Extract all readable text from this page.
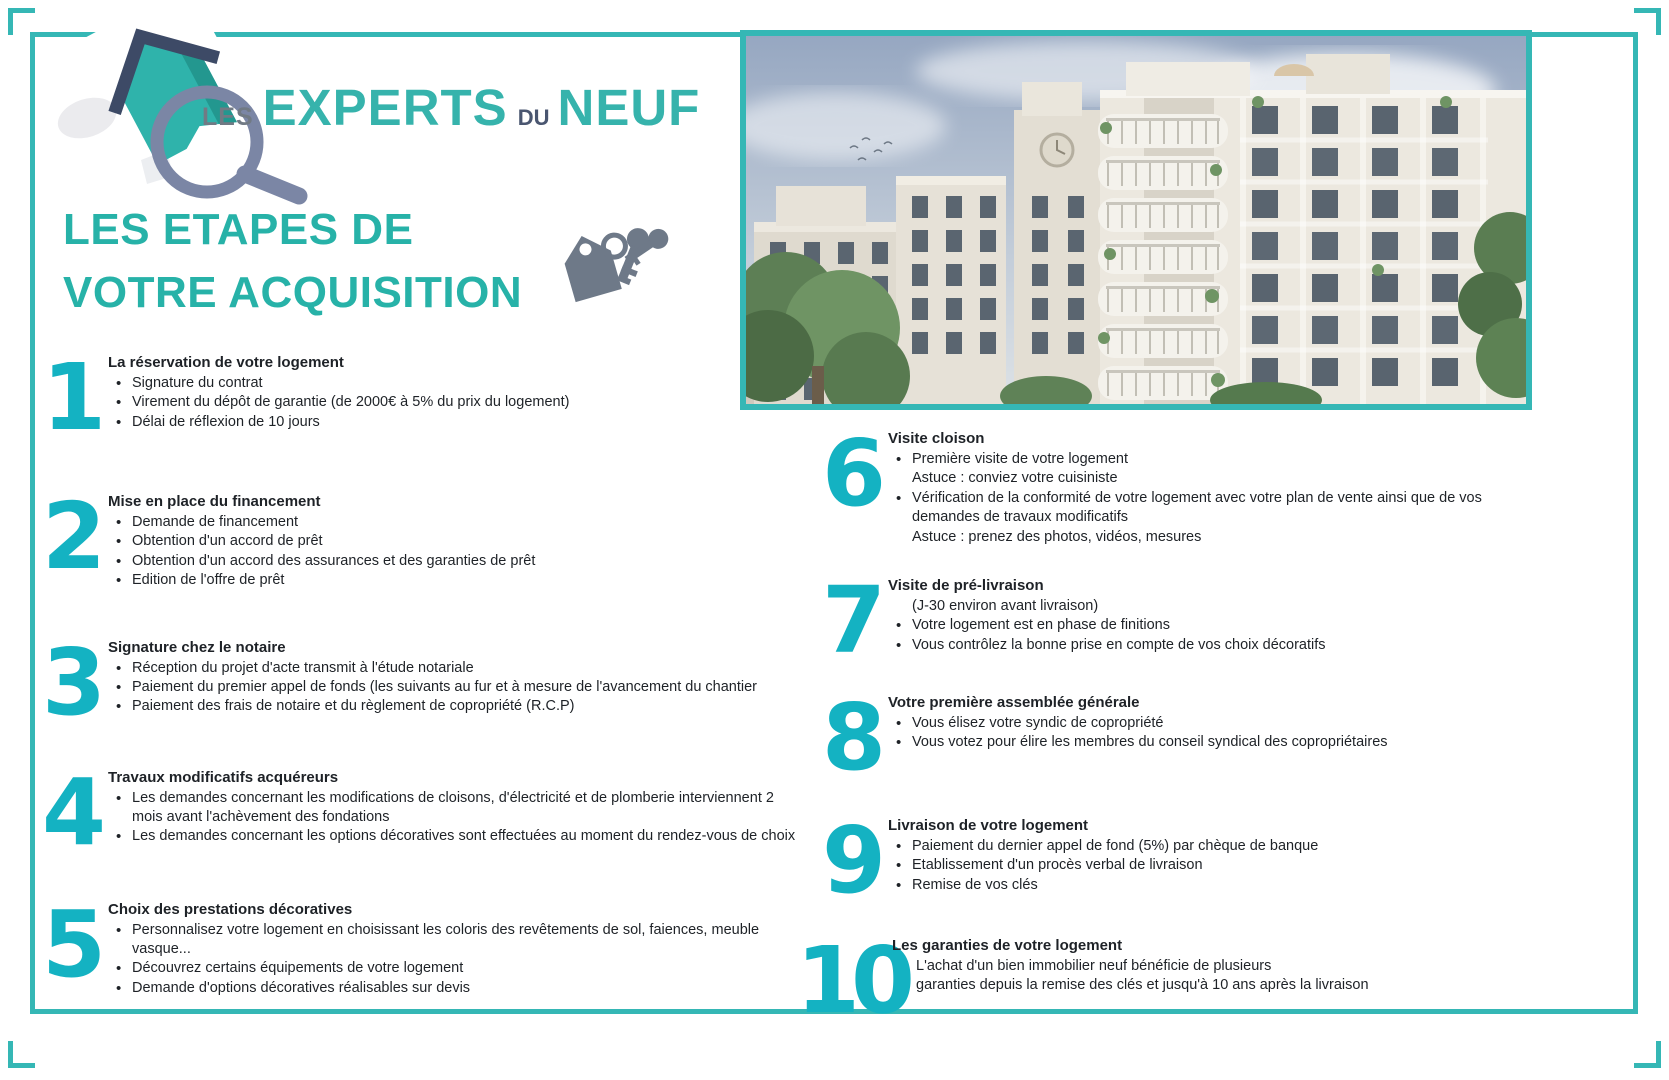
LES EXPERTS DU NEUF
LES ETAPES DE
VOTRE ACQUISITION
1 La réservation de votre logement
• Signature du contrat
• Virement du dépôt de garantie (de 2000€ à 5% du prix du logement)
• Délai de réflexion de 10 jours
2 Mise en place du financement
• Demande de financement
• Obtention d'un accord de prêt
• Obtention d'un accord des assurances et des garanties de prêt
• Edition de l'offre de prêt
3 Signature chez le notaire
• Réception du projet d'acte transmit à l'étude notariale
• Paiement du premier appel de fonds (les suivants au fur et à mesure de l'avancement du chantier
• Paiement des frais de notaire et du règlement de copropriété (R.C.P)
4 Travaux modificatifs acquéreurs
• Les demandes concernant les modifications de cloisons, d'électricité et de plomberie interviennent 2 mois avant l'achèvement des fondations
• Les demandes concernant les options décoratives sont effectuées au moment du rendez-vous de choix
5 Choix des prestations décoratives
• Personnalisez votre logement en choisissant les coloris des revêtements de sol, faiences, meuble vasque...
• Découvrez certains équipements de votre logement
• Demande d'options décoratives réalisables sur devis
6 Visite cloison
• Première visite de votre logement
Astuce : conviez votre cuisiniste
• Vérification de la conformité de votre logement avec votre plan de vente ainsi que de vos demandes de travaux modificatifs
Astuce : prenez des photos, vidéos, mesures
7 Visite de pré-livraison
(J-30 environ avant livraison)
• Votre logement est en phase de finitions
• Vous contrôlez la bonne prise en compte de vos choix décoratifs
8 Votre première assemblée générale
• Vous élisez votre syndic de copropriété
• Vous votez pour élire les membres du conseil syndical des copropriétaires
9 Livraison de votre logement
• Paiement du dernier appel de fond (5%) par chèque de banque
• Etablissement d'un procès verbal de livraison
• Remise de vos clés
10
Les garanties de votre logement
L'achat d'un bien immobilier neuf bénéficie de plusieurs
garanties depuis la remise des clés et jusqu'à 10 ans après la livraison
